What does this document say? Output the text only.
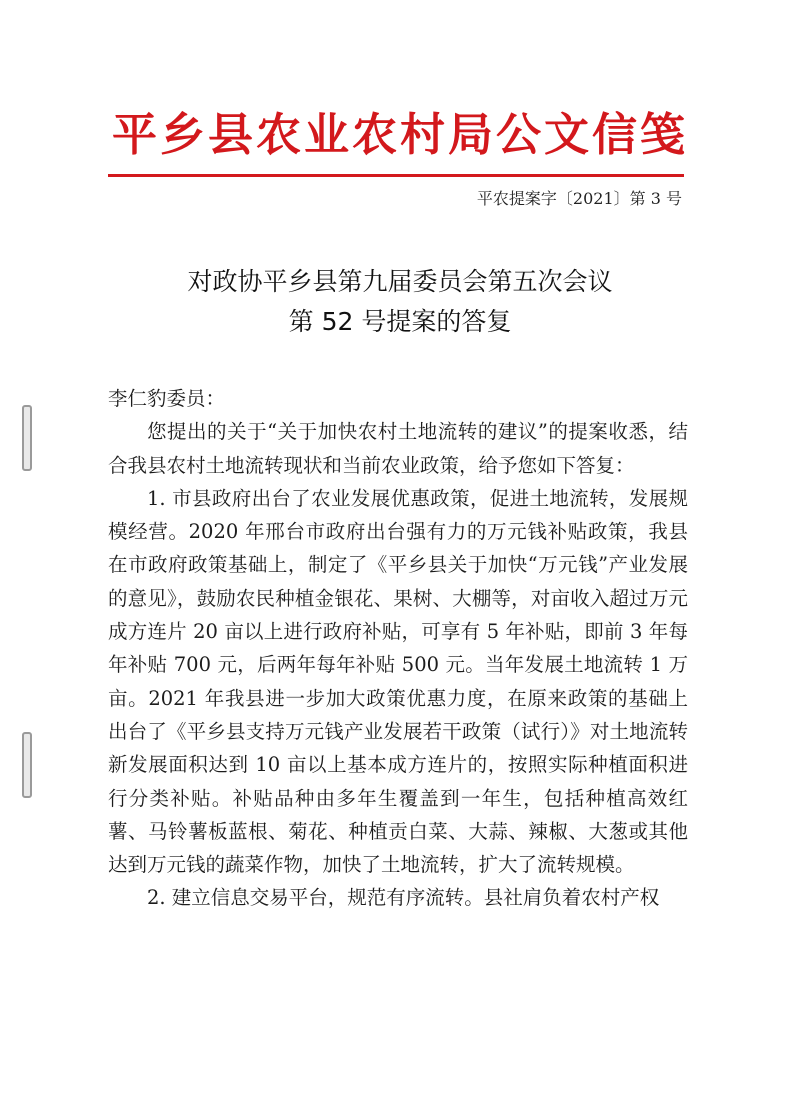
平乡县农业农村局公文信笺
平农提案字〔2021〕第 3 号
对政协平乡县第九届委员会第五次会议
第 52 号提案的答复

李仁豹委员：

您提出的关于“关于加快农村土地流转的建议”的提案收悉，结合我县农村土地流转现状和当前农业政策，给予您如下答复：

1. 市县政府出台了农业发展优惠政策，促进土地流转，发展规模经营。2020 年邢台市政府出台强有力的万元钱补贴政策，我县在市政府政策基础上，制定了《平乡县关于加快“万元钱”产业发展的意见》，鼓励农民种植金银花、果树、大棚等，对亩收入超过万元成方连片 20 亩以上进行政府补贴，可享有 5 年补贴，即前 3 年每年补贴 700 元，后两年每年补贴 500 元。当年发展土地流转 1 万亩。2021 年我县进一步加大政策优惠力度，在原来政策的基础上出台了《平乡县支持万元钱产业发展若干政策（试行）》对土地流转新发展面积达到 10 亩以上基本成方连片的，按照实际种植面积进行分类补贴。补贴品种由多年生覆盖到一年生，包括种植高效红薯、马铃薯板蓝根、菊花、种植贡白菜、大蒜、辣椒、大葱或其他达到万元钱的蔬菜作物，加快了土地流转，扩大了流转规模。

2. 建立信息交易平台，规范有序流转。县社肩负着农村产权
